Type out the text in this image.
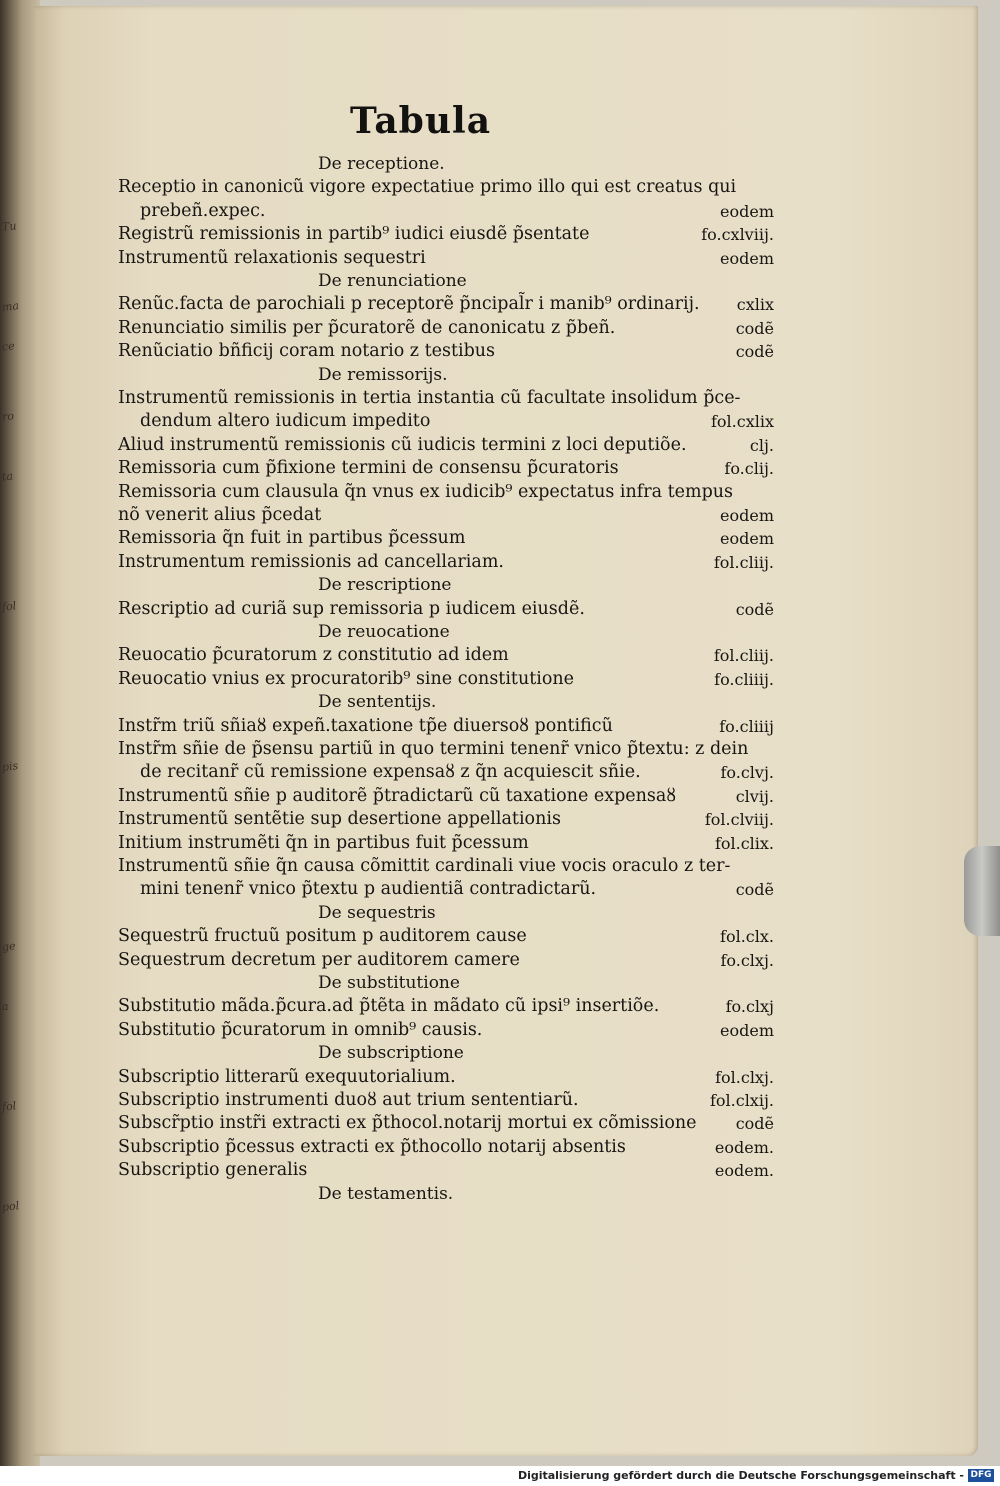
Tu
ma
ce
ro
ta
fol
pis
ge
a
fol
pol
Tabula
De receptione.
Receptio in canonicũ vigore expectatiue primo illo qui est creatus qui
prebeñ.expec.	eodem
Registrũ remissionis in partib⁹ iudici eiusdẽ p̃sentate	fo.cxlviij.
Instrumentũ relaxationis sequestri	eodem
De renunciatione
Renũc.facta de parochiali p receptorẽ p̃ncipal̃r i manib⁹ ordinarij. cxlix
Renunciatio similis per p̃curatorẽ de canonicatu z p̃beñ.	codẽ
Renũciatio bñficij coram notario z testibus	codẽ
De remissorijs.
Instrumentũ remissionis in tertia instantia cũ facultate insolidum p̃ce-
dendum altero iudicum impedito	fol.cxlix
Aliud instrumentũ remissionis cũ iudicis termini z loci deputiõe.	clj.
Remissoria cum p̃fixione termini de consensu p̃curatoris	fo.clij.
Remissoria cum clausula q̃n vnus ex iudicib⁹ expectatus infra tempus
nõ venerit alius p̃cedat	eodem
Remissoria q̃n fuit in partibus p̃cessum	eodem
Instrumentum remissionis ad cancellariam.	fol.cliij.
De rescriptione
Rescriptio ad curiã sup remissoria p iudicem eiusdẽ.	codẽ
De reuocatione
Reuocatio p̃curatorum z constitutio ad idem	fol.cliij.
Reuocatio vnius ex procuratorib⁹ sine constitutione	fo.cliiij.
De sententijs.
Instr̃m triũ sñiaȣ expeñ.taxatione tp̃e diuersoȣ pontificũ	fo.cliiij
Instr̃m sñie de p̃sensu partiũ in quo termini tenenr̃ vnico p̃textu: z dein
de recitanr̃ cũ remissione expensaȣ z q̃n acquiescit sñie.	fo.clvj.
Instrumentũ sñie p auditorẽ p̃tradictarũ cũ taxatione expensaȣ	clvij.
Instrumentũ sentẽtie sup desertione appellationis	fol.clviij.
Initium instrumẽti q̃n in partibus fuit p̃cessum	fol.clix.
Instrumentũ sñie q̃n causa cõmittit cardinali viue vocis oraculo z ter-
mini tenenr̃ vnico p̃textu p audientiã contradictarũ.	codẽ
De sequestris
Sequestrũ fructuũ positum p auditorem cause	fol.clx.
Sequestrum decretum per auditorem camere	fo.clxj.
De substitutione
Substitutio mãda.p̃cura.ad p̃tẽta in mãdato cũ ipsi⁹ insertiõe.	fo.clxj
Substitutio p̃curatorum in omnib⁹ causis.	eodem
De subscriptione
Subscriptio litterarũ exequutorialium.	fol.clxj.
Subscriptio instrumenti duoȣ aut trium sententiarũ.	fol.clxij.
Subscr̃ptio instr̃i extracti ex p̃thocol.notarij mortui ex cõmissione codẽ
Subscriptio p̃cessus extracti ex p̃thocollo notarij absentis	eodem.
Subscriptio generalis	eodem.
De testamentis.
Digitalisierung gefördert durch die Deutsche Forschungsgemeinschaft - DFG
